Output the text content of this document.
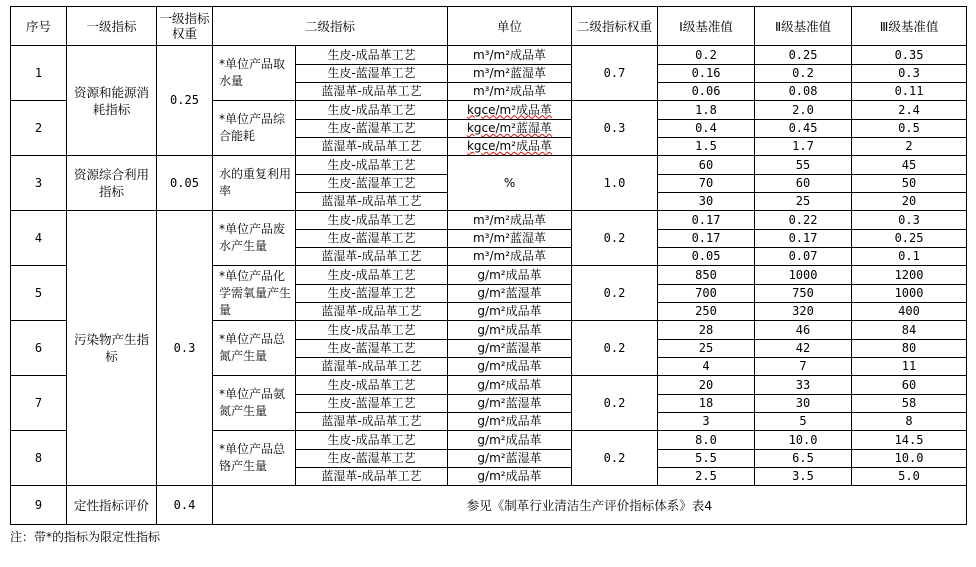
序号	一级指标	一级指标权重	二级指标		单位	二级指标权重	Ⅰ级基准值	Ⅱ级基准值	Ⅲ级基准值
1	资源和能源消耗指标	0.25	*单位产品取水量	生皮-成品革工艺	m³/m²成品革	0.7	0.2	0.25	0.35
				生皮-蓝湿革工艺	m³/m²蓝湿革		0.16	0.2	0.3
				蓝湿革-成品革工艺	m³/m²成品革		0.06	0.08	0.11
2			*单位产品综合能耗	生皮-成品革工艺	kgce/m²成品革	0.3	1.8	2.0	2.4
				生皮-蓝湿革工艺	kgce/m²蓝湿革		0.4	0.45	0.5
				蓝湿革-成品革工艺	kgce/m²成品革		1.5	1.7	2
3	资源综合利用指标	0.05	水的重复利用率	生皮-成品革工艺	%	1.0	60	55	45
				生皮-蓝湿革工艺			70	60	50
				蓝湿革-成品革工艺			30	25	20
4	污染物产生指标	0.3	*单位产品废水产生量	生皮-成品革工艺	m³/m²成品革	0.2	0.17	0.22	0.3
				生皮-蓝湿革工艺	m³/m²蓝湿革		0.17	0.17	0.25
				蓝湿革-成品革工艺	m³/m²成品革		0.05	0.07	0.1
5			*单位产品化学需氧量产生量	生皮-成品革工艺	g/m²成品革	0.2	850	1000	1200
				生皮-蓝湿革工艺	g/m²蓝湿革		700	750	1000
				蓝湿革-成品革工艺	g/m²成品革		250	320	400
6			*单位产品总氮产生量	生皮-成品革工艺	g/m²成品革	0.2	28	46	84
				生皮-蓝湿革工艺	g/m²蓝湿革		25	42	80
				蓝湿革-成品革工艺	g/m²成品革		4	7	11
7			*单位产品氨氮产生量	生皮-成品革工艺	g/m²成品革	0.2	20	33	60
				生皮-蓝湿革工艺	g/m²蓝湿革		18	30	58
				蓝湿革-成品革工艺	g/m²成品革		3	5	8
8			*单位产品总铬产生量	生皮-成品革工艺	g/m²成品革	0.2	8.0	10.0	14.5
				生皮-蓝湿革工艺	g/m²蓝湿革		5.5	6.5	10.0
				蓝湿革-成品革工艺	g/m²成品革		2.5	3.5	5.0
9	定性指标评价	0.4	参见《制革行业清洁生产评价指标体系》表4						
注：带*的指标为限定性指标
